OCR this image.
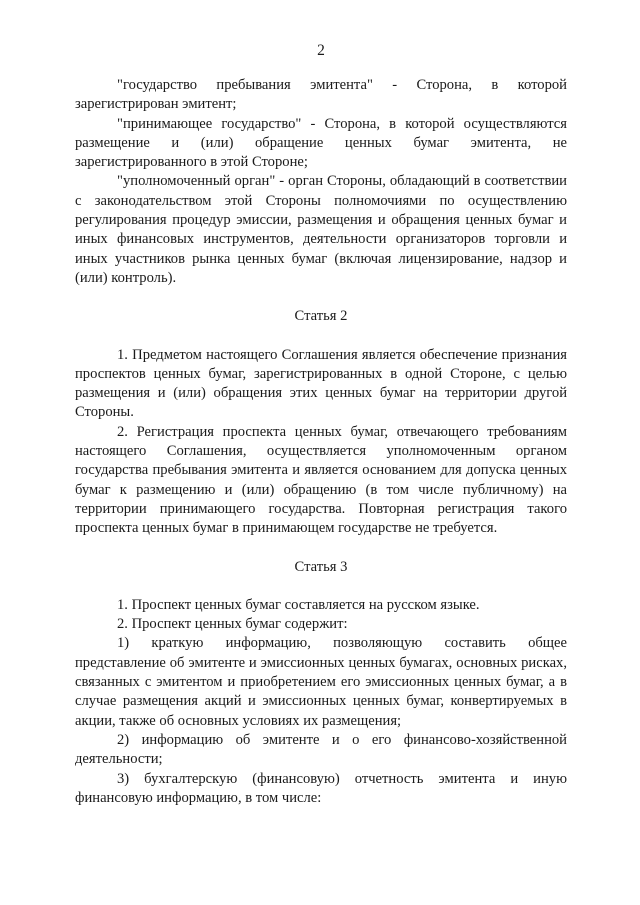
2

"государство пребывания эмитента" - Сторона, в которой зарегистрирован эмитент;

"принимающее государство" - Сторона, в которой осуществляются размещение и (или) обращение ценных бумаг эмитента, не зарегистрированного в этой Стороне;

"уполномоченный орган" - орган Стороны, обладающий в соответствии с законодательством этой Стороны полномочиями по осуществлению регулирования процедур эмиссии, размещения и обращения ценных бумаг и иных финансовых инструментов, деятельности организаторов торговли и иных участников рынка ценных бумаг (включая лицензирование, надзор и (или) контроль).

Статья 2

1. Предметом настоящего Соглашения является обеспечение признания проспектов ценных бумаг, зарегистрированных в одной Стороне, с целью размещения и (или) обращения этих ценных бумаг на территории другой Стороны.

2. Регистрация проспекта ценных бумаг, отвечающего требованиям настоящего Соглашения, осуществляется уполномоченным органом государства пребывания эмитента и является основанием для допуска ценных бумаг к размещению и (или) обращению (в том числе публичному) на территории принимающего государства. Повторная регистрация такого проспекта ценных бумаг в принимающем государстве не требуется.

Статья 3

1. Проспект ценных бумаг составляется на русском языке.

2. Проспект ценных бумаг содержит:

1) краткую информацию, позволяющую составить общее представление об эмитенте и эмиссионных ценных бумагах, основных рисках, связанных с эмитентом и приобретением его эмиссионных ценных бумаг, а в случае размещения акций и эмиссионных ценных бумаг, конвертируемых в акции, также об основных условиях их размещения;

2) информацию об эмитенте и о его финансово-хозяйственной деятельности;

3) бухгалтерскую (финансовую) отчетность эмитента и иную финансовую информацию, в том числе:
